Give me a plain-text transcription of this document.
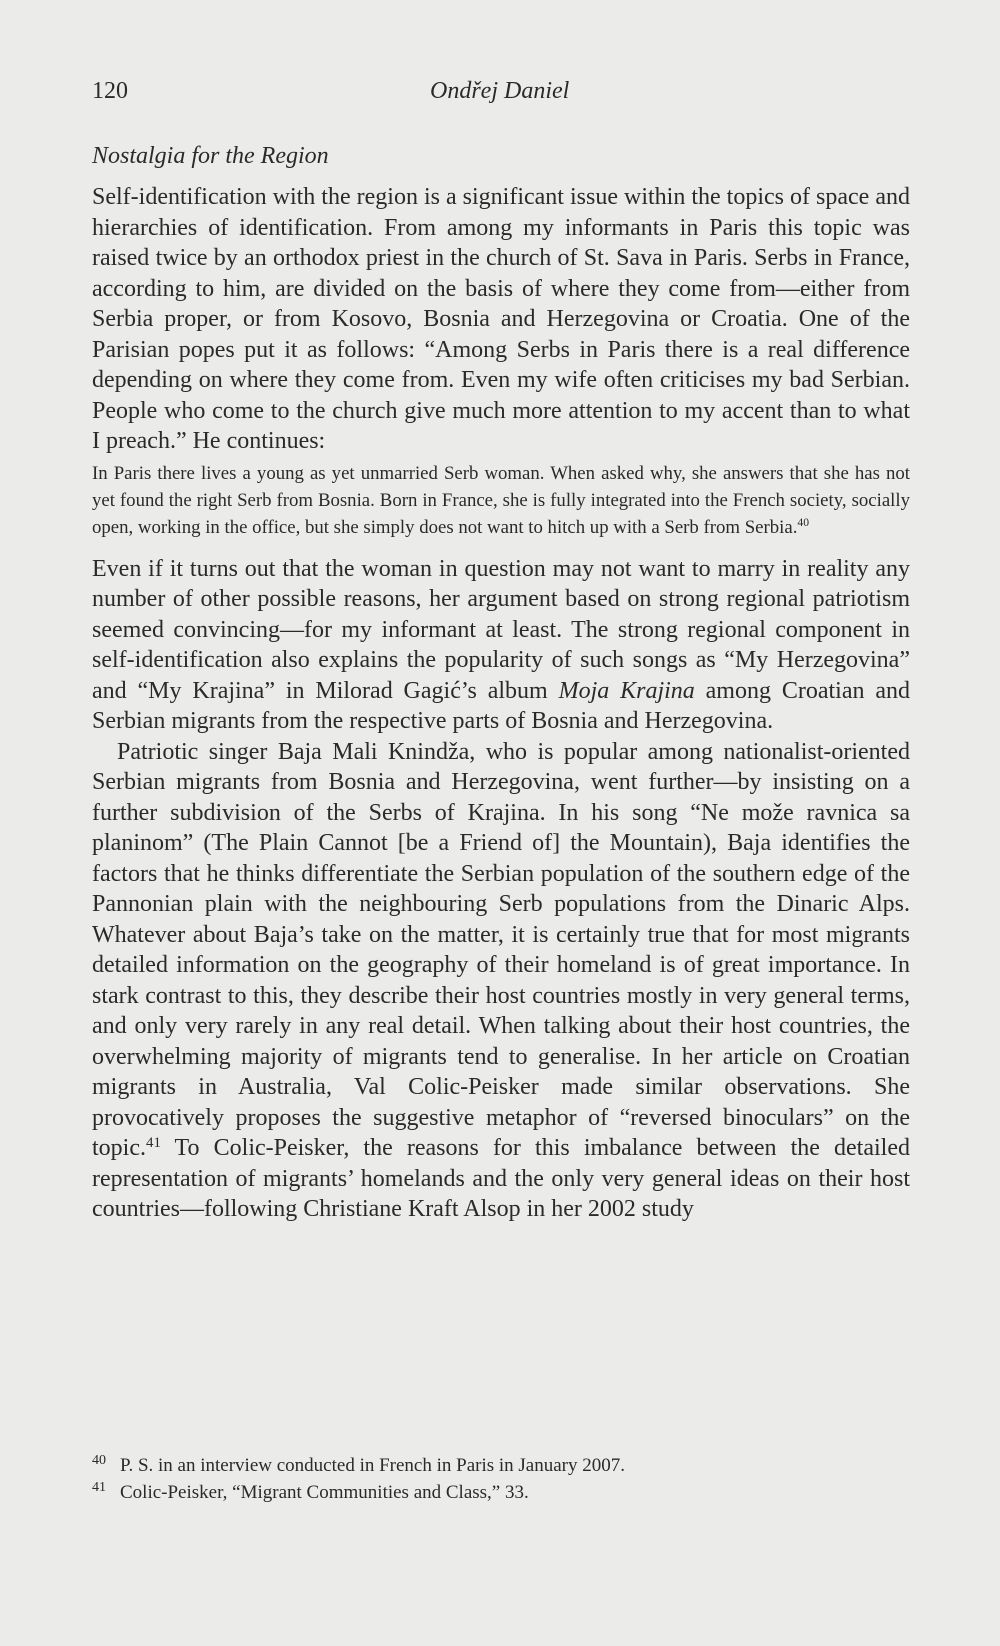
120	Ondřej Daniel
Nostalgia for the Region

Self-identification with the region is a significant issue within the topics of space and hierarchies of identification. From among my informants in Paris this topic was raised twice by an orthodox priest in the church of St. Sava in Paris. Serbs in France, according to him, are divided on the basis of where they come from—either from Serbia proper, or from Kosovo, Bosnia and Herzegovina or Croatia. One of the Parisian popes put it as follows: “Among Serbs in Paris there is a real difference depending on where they come from. Even my wife often criticises my bad Serbian. People who come to the church give much more attention to my accent than to what I preach.” He continues:

In Paris there lives a young as yet unmarried Serb woman. When asked why, she answers that she has not yet found the right Serb from Bosnia. Born in France, she is fully integrated into the French society, socially open, working in the office, but she simply does not want to hitch up with a Serb from Serbia.$^{40}$

Even if it turns out that the woman in question may not want to marry in reality any number of other possible reasons, her argument based on strong regional patriotism seemed convincing—for my informant at least. The strong regional component in self-identification also explains the popularity of such songs as “My Herzegovina” and “My Krajina” in Milorad Gagić’s album Moja Krajina among Croatian and Serbian migrants from the respective parts of Bosnia and Herzegovina.

Patriotic singer Baja Mali Knindža, who is popular among nationalist-oriented Serbian migrants from Bosnia and Herzegovina, went further—by insisting on a further subdivision of the Serbs of Krajina. In his song “Ne može ravnica sa planinom” (The Plain Cannot [be a Friend of] the Mountain), Baja identifies the factors that he thinks differentiate the Serbian population of the southern edge of the Pannonian plain with the neighbouring Serb populations from the Dinaric Alps. Whatever about Baja’s take on the matter, it is certainly true that for most migrants detailed information on the geography of their homeland is of great importance. In stark contrast to this, they describe their host countries mostly in very general terms, and only very rarely in any real detail. When talking about their host countries, the overwhelming majority of migrants tend to generalise. In her article on Croatian migrants in Australia, Val Colic-Peisker made similar observations. She provocatively proposes the suggestive metaphor of “reversed binoculars” on the topic.$^{41}$ To Colic-Peisker, the reasons for this imbalance between the detailed representation of migrants’ homelands and the only very general ideas on their host countries—following Christiane Kraft Alsop in her 2002 study

40 P. S. in an interview conducted in French in Paris in January 2007.
41 Colic-Peisker, “Migrant Communities and Class,” 33.
